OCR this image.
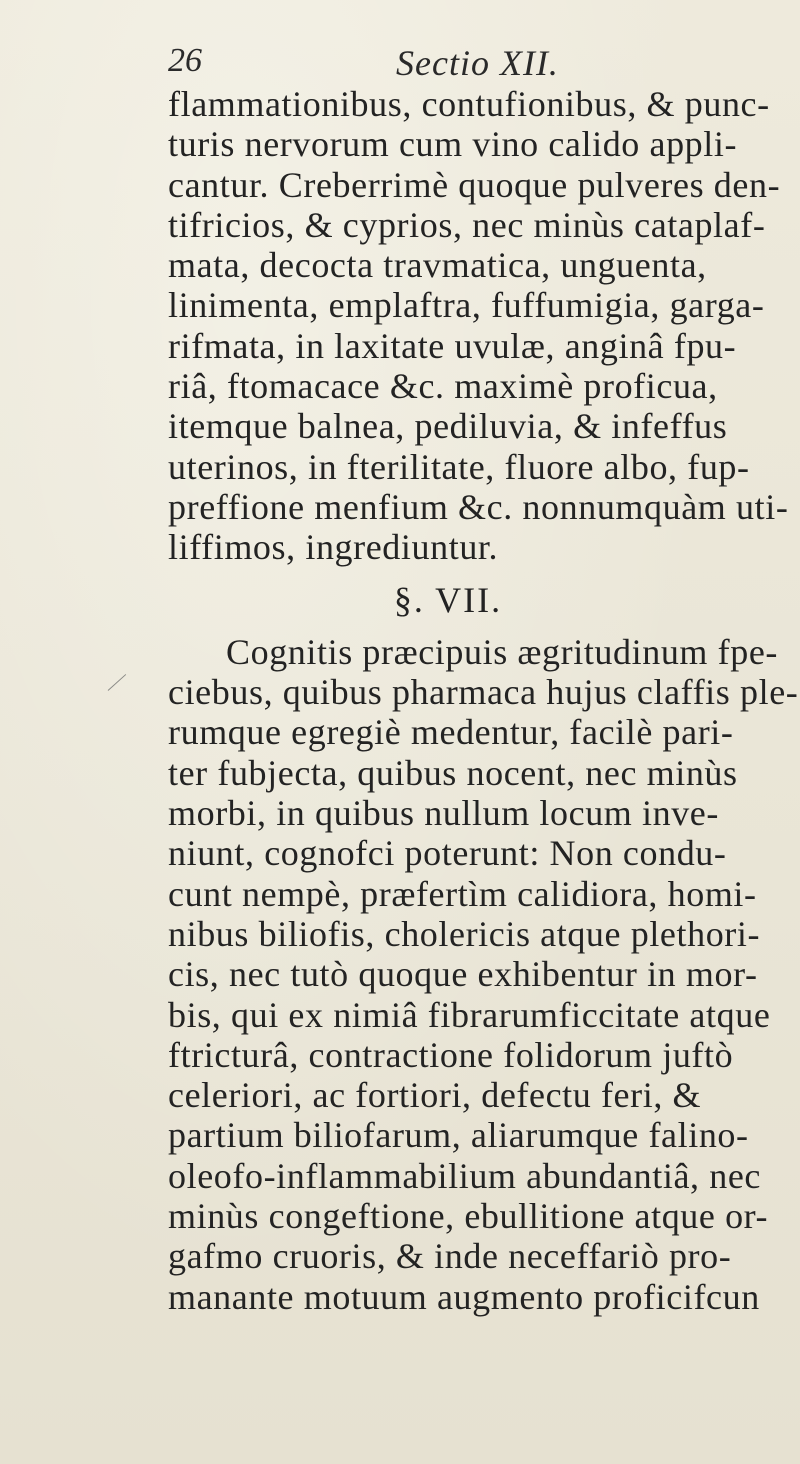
26	Sectio XII.
flammationibus, contufionibus, & punc-
turis nervorum cum vino calido appli-
cantur. Creberrimè quoque pulveres den-
tifricios, & cyprios, nec minùs cataplaf-
mata, decocta travmatica, unguenta,
linimenta, emplaftra, fuffumigia, garga-
rifmata, in laxitate uvulæ, anginâ fpu-
riâ, ftomacace &c. maximè proficua,
itemque balnea, pediluvia, & infeffus
uterinos, in fterilitate, fluore albo, fup-
preffione menfium &c. nonnumquàm uti-
liffimos, ingrediuntur.
§. VII.
Cognitis præcipuis ægritudinum fpe-
ciebus, quibus pharmaca hujus claffis ple-
rumque egregiè medentur, facilè pari-
ter fubjecta, quibus nocent, nec minùs
morbi, in quibus nullum locum inve-
niunt, cognofci poterunt: Non condu-
cunt nempè, præfertìm calidiora, homi-
nibus biliofis, cholericis atque plethori-
cis, nec tutò quoque exhibentur in mor-
bis, qui ex nimiâ fibrarumficcitate atque
ftricturâ, contractione folidorum juftò
celeriori, ac fortiori, defectu feri, &
partium biliofarum, aliarumque falino-
oleofo-inflammabilium abundantiâ, nec
minùs congeftione, ebullitione atque or-
gafmo cruoris, & inde neceffariò pro-
manante motuum augmento proficifcun
